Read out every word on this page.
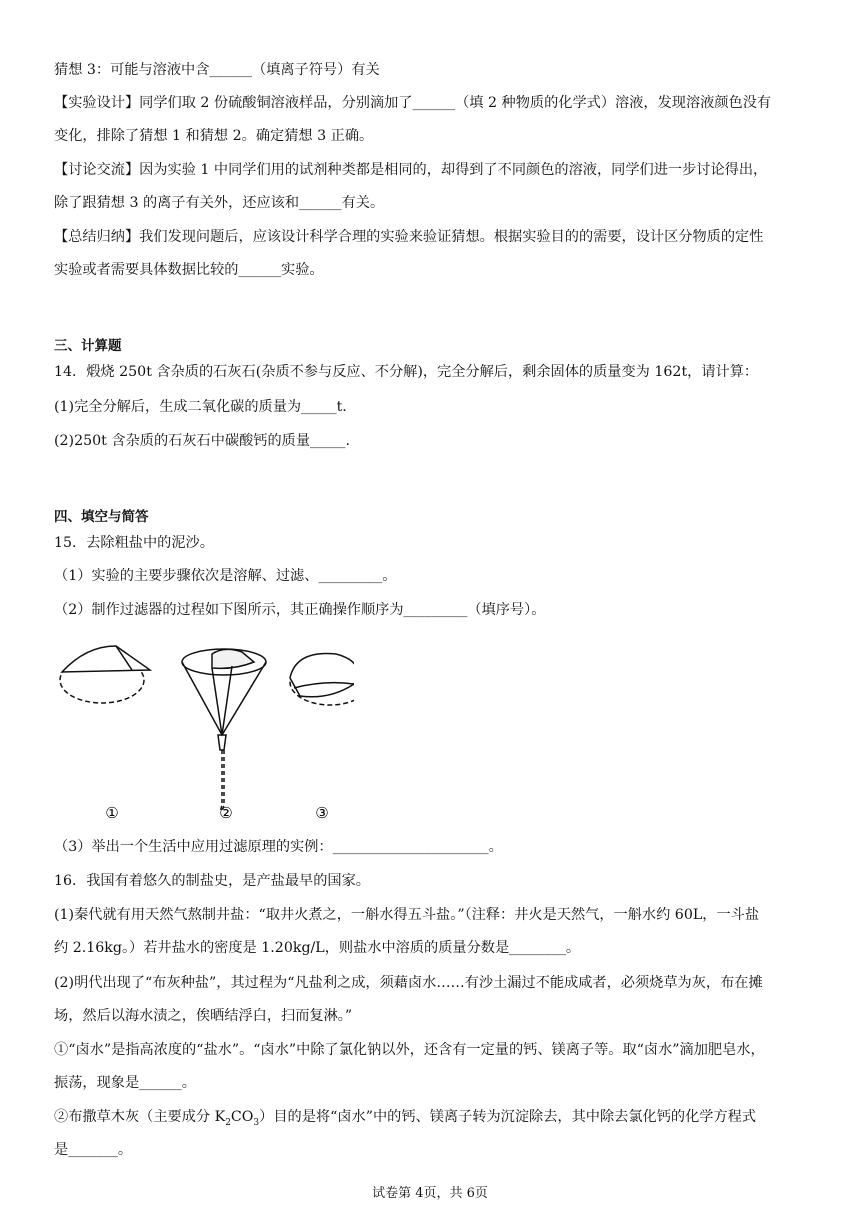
猜想 3：可能与溶液中含______（填离子符号）有关
【实验设计】同学们取 2 份硫酸铜溶液样品，分别滴加了______（填 2 种物质的化学式）溶液，发现溶液颜色没有
变化，排除了猜想 1 和猜想 2。确定猜想 3 正确。
【讨论交流】因为实验 1 中同学们用的试剂种类都是相同的，却得到了不同颜色的溶液，同学们进一步讨论得出，
除了跟猜想 3 的离子有关外，还应该和______有关。
【总结归纳】我们发现问题后，应该设计科学合理的实验来验证猜想。根据实验目的的需要，设计区分物质的定性
实验或者需要具体数据比较的______实验。
三、计算题
14．煅烧 250t 含杂质的石灰石(杂质不参与反应、不分解)，完全分解后，剩余固体的质量变为 162t，请计算：
(1)完全分解后，生成二氧化碳的质量为_____t.
(2)250t 含杂质的石灰石中碳酸钙的质量_____.
四、填空与简答
15．去除粗盐中的泥沙。
（1）实验的主要步骤依次是溶解、过滤、_________。
（2）制作过滤器的过程如下图所示，其正确操作顺序为_________（填序号）。
①	②	③
（3）举出一个生活中应用过滤原理的实例：______________________。
16．我国有着悠久的制盐史，是产盐最早的国家。
(1)秦代就有用天然气熬制井盐：“取井火煮之，一斛水得五斗盐。”（注释：井火是天然气，一斛水约 60L，一斗盐
约 2.16kg。）若井盐水的密度是 1.20kg/L，则盐水中溶质的质量分数是________。
(2)明代出现了“布灰种盐”，其过程为“凡盐利之成，须藉卤水……有沙土漏过不能成咸者，必须烧草为灰，布在摊
场，然后以海水渍之，俟晒结浮白，扫而复淋。”
①“卤水”是指高浓度的“盐水”。“卤水”中除了氯化钠以外，还含有一定量的钙、镁离子等。取“卤水”滴加肥皂水，
振荡，现象是______。
②布撒草木灰（主要成分 $K_2CO_3$）目的是将“卤水”中的钙、镁离子转为沉淀除去，其中除去氯化钙的化学方程式
是_______。
试卷第 4页，共 6页
